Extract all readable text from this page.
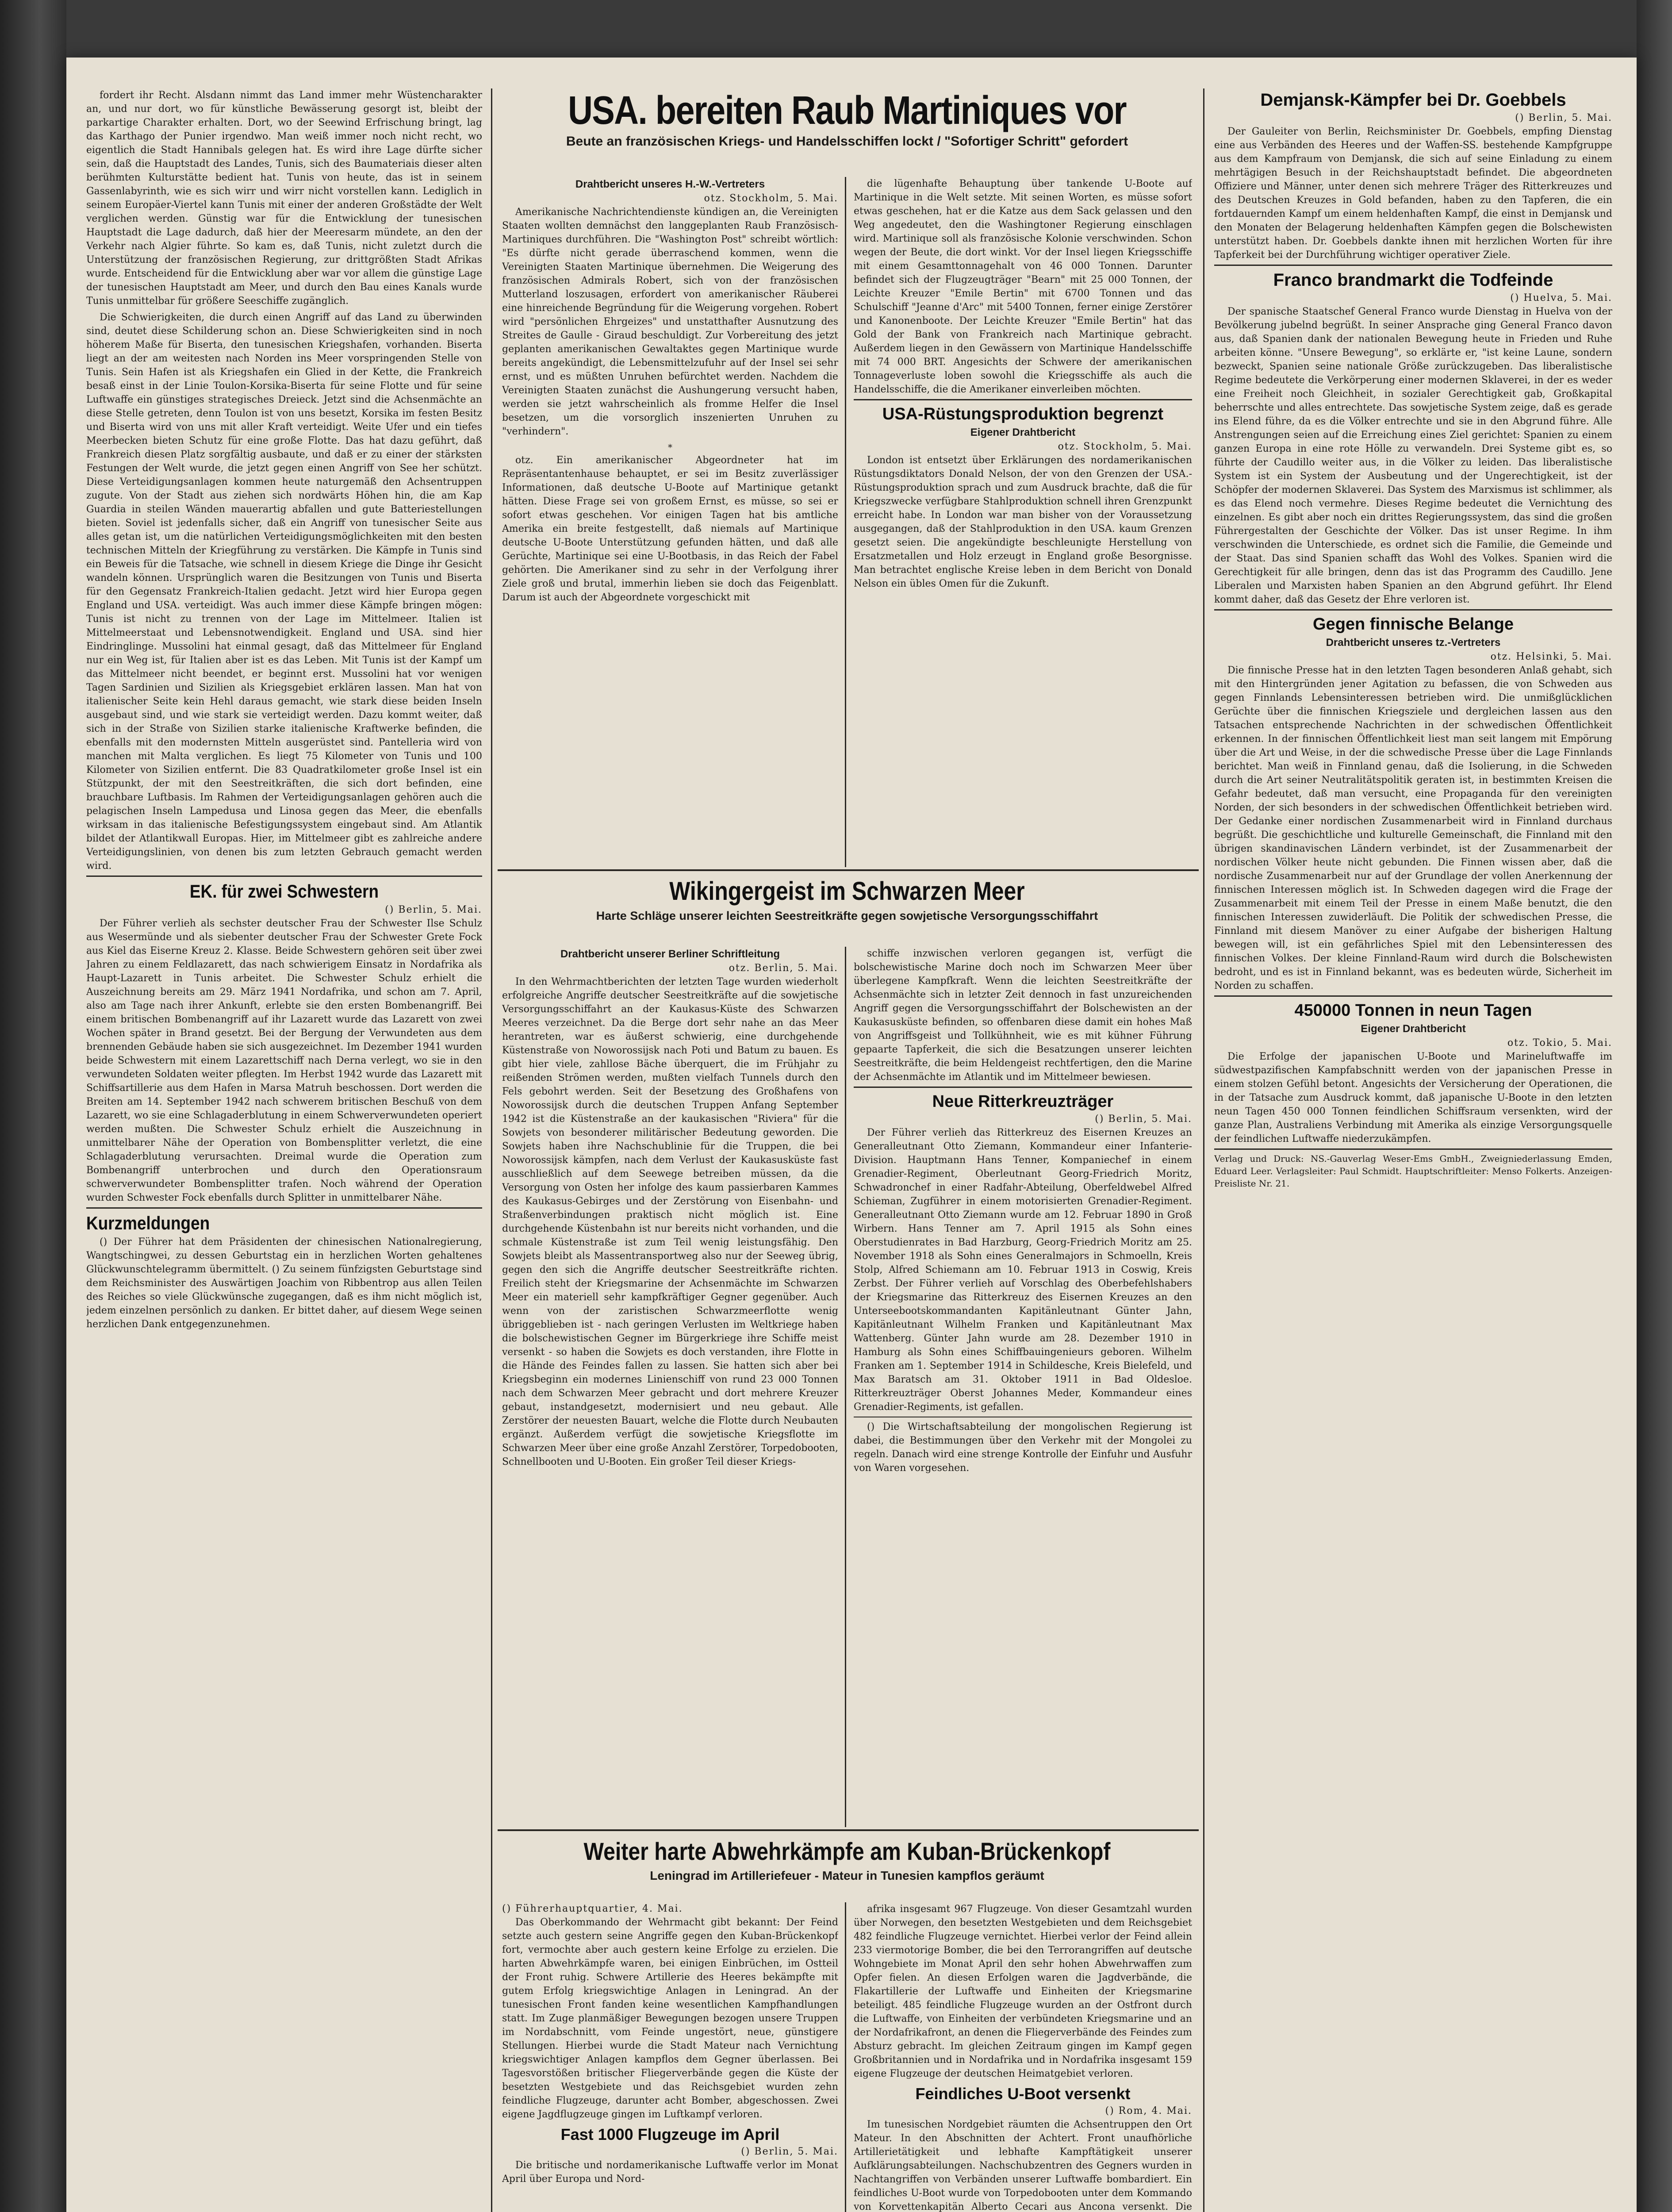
fordert ihr Recht. Alsdann nimmt das Land immer mehr Wüstencharakter an, und nur dort, wo für künstliche Bewässerung gesorgt ist, bleibt der parkartige Charakter erhalten. Dort, wo der Seewind Erfrischung bringt, lag das Karthago der Punier irgendwo. Man weiß immer noch nicht recht, wo eigentlich die Stadt Hannibals gelegen hat. Es wird ihre Lage dürfte sicher sein, daß die Hauptstadt des Landes, Tunis, sich des Baumateriais dieser alten berühmten Kulturstätte bedient hat. Tunis von heute, das ist in seinem Gassenlabyrinth, wie es sich wirr und wirr nicht vorstellen kann. Lediglich in seinem Europäer-Viertel kann Tunis mit einer der anderen Großstädte der Welt verglichen werden. Günstig war für die Entwicklung der tunesischen Hauptstadt die Lage dadurch, daß hier der Meeresarm mündete, an den der Verkehr nach Algier führte. So kam es, daß Tunis, nicht zuletzt durch die Unterstützung der französischen Regierung, zur drittgrößten Stadt Afrikas wurde. Entscheidend für die Entwicklung aber war vor allem die günstige Lage der tunesischen Hauptstadt am Meer, und durch den Bau eines Kanals wurde Tunis unmittelbar für größere Seeschiffe zugänglich.

Die Schwierigkeiten, die durch einen Angriff auf das Land zu überwinden sind, deutet diese Schilderung schon an. Diese Schwierigkeiten sind in noch höherem Maße für Biserta, den tunesischen Kriegshafen, vorhanden. Biserta liegt an der am weitesten nach Norden ins Meer vorspringenden Stelle von Tunis. Sein Hafen ist als Kriegshafen ein Glied in der Kette, die Frankreich besaß einst in der Linie Toulon-Korsika-Biserta für seine Flotte und für seine Luftwaffe ein günstiges strategisches Dreieck. Jetzt sind die Achsenmächte an diese Stelle getreten, denn Toulon ist von uns besetzt, Korsika im festen Besitz und Biserta wird von uns mit aller Kraft verteidigt. Weite Ufer und ein tiefes Meerbecken bieten Schutz für eine große Flotte. Das hat dazu geführt, daß Frankreich diesen Platz sorgfältig ausbaute, und daß er zu einer der stärksten Festungen der Welt wurde, die jetzt gegen einen Angriff von See her schützt. Diese Verteidigungsanlagen kommen heute naturgemäß den Achsentruppen zugute. Von der Stadt aus ziehen sich nordwärts Höhen hin, die am Kap Guardia in steilen Wänden mauerartig abfallen und gute Batteriestellungen bieten. Soviel ist jedenfalls sicher, daß ein Angriff von tunesischer Seite aus alles getan ist, um die natürlichen Verteidigungsmöglichkeiten mit den besten technischen Mitteln der Kriegführung zu verstärken. Die Kämpfe in Tunis sind ein Beweis für die Tatsache, wie schnell in diesem Kriege die Dinge ihr Gesicht wandeln können. Ursprünglich waren die Besitzungen von Tunis und Biserta für den Gegensatz Frankreich-Italien gedacht. Jetzt wird hier Europa gegen England und USA. verteidigt. Was auch immer diese Kämpfe bringen mögen: Tunis ist nicht zu trennen von der Lage im Mittelmeer. Italien ist Mittelmeerstaat und Lebensnotwendigkeit. England und USA. sind hier Eindringlinge. Mussolini hat einmal gesagt, daß das Mittelmeer für England nur ein Weg ist, für Italien aber ist es das Leben. Mit Tunis ist der Kampf um das Mittelmeer nicht beendet, er beginnt erst. Mussolini hat vor wenigen Tagen Sardinien und Sizilien als Kriegsgebiet erklären lassen. Man hat von italienischer Seite kein Hehl daraus gemacht, wie stark diese beiden Inseln ausgebaut sind, und wie stark sie verteidigt werden. Dazu kommt weiter, daß sich in der Straße von Sizilien starke italienische Kraftwerke befinden, die ebenfalls mit den modernsten Mitteln ausgerüstet sind. Pantelleria wird von manchen mit Malta verglichen. Es liegt 75 Kilometer von Tunis und 100 Kilometer von Sizilien entfernt. Die 83 Quadratkilometer große Insel ist ein Stützpunkt, der mit den Seestreitkräften, die sich dort befinden, eine brauchbare Luftbasis. Im Rahmen der Verteidigungsanlagen gehören auch die pelagischen Inseln Lampedusa und Linosa gegen das Meer, die ebenfalls wirksam in das italienische Befestigungssystem eingebaut sind. Am Atlantik bildet der Atlantikwall Europas. Hier, im Mittelmeer gibt es zahlreiche andere Verteidigungslinien, von denen bis zum letzten Gebrauch gemacht werden wird.

EK. für zwei Schwestern
() Berlin, 5. Mai.

Der Führer verlieh als sechster deutscher Frau der Schwester Ilse Schulz aus Wesermünde und als siebenter deutscher Frau der Schwester Grete Fock aus Kiel das Eiserne Kreuz 2. Klasse. Beide Schwestern gehören seit über zwei Jahren zu einem Feldlazarett, das nach schwierigem Einsatz in Nordafrika als Haupt-Lazarett in Tunis arbeitet. Die Schwester Schulz erhielt die Auszeichnung bereits am 29. März 1941 Nordafrika, und schon am 7. April, also am Tage nach ihrer Ankunft, erlebte sie den ersten Bombenangriff. Bei einem britischen Bombenangriff auf ihr Lazarett wurde das Lazarett von zwei Wochen später in Brand gesetzt. Bei der Bergung der Verwundeten aus dem brennenden Gebäude haben sie sich ausgezeichnet. Im Dezember 1941 wurden beide Schwestern mit einem Lazarettschiff nach Derna verlegt, wo sie in den verwundeten Soldaten weiter pflegten. Im Herbst 1942 wurde das Lazarett mit Schiffsartillerie aus dem Hafen in Marsa Matruh beschossen. Dort werden die Breiten am 14. September 1942 nach schwerem britischen Beschuß von dem Lazarett, wo sie eine Schlagaderblutung in einem Schwerverwundeten operiert werden mußten. Die Schwester Schulz erhielt die Auszeichnung in unmittelbarer Nähe der Operation von Bombensplitter verletzt, die eine Schlagaderblutung verursachten. Dreimal wurde die Operation zum Bombenangriff unterbrochen und durch den Operationsraum schwerverwundeter Bombensplitter trafen. Noch während der Operation wurden Schwester Fock ebenfalls durch Splitter in unmittelbarer Nähe.

Kurzmeldungen

() Der Führer hat dem Präsidenten der chinesischen Nationalregierung, Wangtschingwei, zu dessen Geburtstag ein in herzlichen Worten gehaltenes Glückwunschtelegramm übermittelt. () Zu seinem fünfzigsten Geburtstage sind dem Reichsminister des Auswärtigen Joachim von Ribbentrop aus allen Teilen des Reiches so viele Glückwünsche zugegangen, daß es ihm nicht möglich ist, jedem einzelnen persönlich zu danken. Er bittet daher, auf diesem Wege seinen herzlichen Dank entgegenzunehmen.

USA. bereiten Raub Martiniques vor
Beute an französischen Kriegs- und Handelsschiffen lockt / "Sofortiger Schritt" gefordert
Drahtbericht unseres H.-W.-Vertreters
otz. Stockholm, 5. Mai.

Amerikanische Nachrichtendienste kündigen an, die Vereinigten Staaten wollten demnächst den langgeplanten Raub Französisch-Martiniques durchführen. Die "Washington Post" schreibt wörtlich: "Es dürfte nicht gerade überraschend kommen, wenn die Vereinigten Staaten Martinique übernehmen. Die Weigerung des französischen Admirals Robert, sich von der französischen Mutterland loszusagen, erfordert von amerikanischer Räuberei eine hinreichende Begründung für die Weigerung vorgehen. Robert wird "persönlichen Ehrgeizes" und unstatthafter Ausnutzung des Streites de Gaulle - Giraud beschuldigt. Zur Vorbereitung des jetzt geplanten amerikanischen Gewaltaktes gegen Martinique wurde bereits angekündigt, die Lebensmittelzufuhr auf der Insel sei sehr ernst, und es müßten Unruhen befürchtet werden. Nachdem die Vereinigten Staaten zunächst die Aushungerung versucht haben, werden sie jetzt wahrscheinlich als fromme Helfer die Insel besetzen, um die vorsorglich inszenierten Unruhen zu "verhindern".

*

otz. Ein amerikanischer Abgeordneter hat im Repräsentantenhause behauptet, er sei im Besitz zuverlässiger Informationen, daß deutsche U-Boote auf Martinique getankt hätten. Diese Frage sei von großem Ernst, es müsse, so sei er sofort etwas geschehen. Vor einigen Tagen hat bis amtliche Amerika ein breite festgestellt, daß niemals auf Martinique deutsche U-Boote Unterstützung gefunden hätten, und daß alle Gerüchte, Martinique sei eine U-Bootbasis, in das Reich der Fabel gehörten. Die Amerikaner sind zu sehr in der Verfolgung ihrer Ziele groß und brutal, immerhin lieben sie doch das Feigenblatt. Darum ist auch der Abgeordnete vorgeschickt mit

die lügenhafte Behauptung über tankende U-Boote auf Martinique in die Welt setzte. Mit seinen Worten, es müsse sofort etwas geschehen, hat er die Katze aus dem Sack gelassen und den Weg angedeutet, den die Washingtoner Regierung einschlagen wird. Martinique soll als französische Kolonie verschwinden. Schon wegen der Beute, die dort winkt. Vor der Insel liegen Kriegsschiffe mit einem Gesamttonnagehalt von 46 000 Tonnen. Darunter befindet sich der Flugzeugträger "Bearn" mit 25 000 Tonnen, der Leichte Kreuzer "Emile Bertin" mit 6700 Tonnen und das Schulschiff "Jeanne d'Arc" mit 5400 Tonnen, ferner einige Zerstörer und Kanonenboote. Der Leichte Kreuzer "Emile Bertin" hat das Gold der Bank von Frankreich nach Martinique gebracht. Außerdem liegen in den Gewässern von Martinique Handelsschiffe mit 74 000 BRT. Angesichts der Schwere der amerikanischen Tonnageverluste loben sowohl die Kriegsschiffe als auch die Handelsschiffe, die die Amerikaner einverleiben möchten.

USA-Rüstungsproduktion begrenzt
Eigener Drahtbericht
otz. Stockholm, 5. Mai.

London ist entsetzt über Erklärungen des nordamerikanischen Rüstungsdiktators Donald Nelson, der von den Grenzen der USA.-Rüstungsproduktion sprach und zum Ausdruck brachte, daß die für Kriegszwecke verfügbare Stahlproduktion schnell ihren Grenzpunkt erreicht habe. In London war man bisher von der Voraussetzung ausgegangen, daß der Stahlproduktion in den USA. kaum Grenzen gesetzt seien. Die angekündigte beschleunigte Herstellung von Ersatzmetallen und Holz erzeugt in England große Besorgnisse. Man betrachtet englische Kreise leben in dem Bericht von Donald Nelson ein übles Omen für die Zukunft.

Wikingergeist im Schwarzen Meer
Harte Schläge unserer leichten Seestreitkräfte gegen sowjetische Versorgungsschiffahrt
Drahtbericht unserer Berliner Schriftleitung
otz. Berlin, 5. Mai.

In den Wehrmachtberichten der letzten Tage wurden wiederholt erfolgreiche Angriffe deutscher Seestreitkräfte auf die sowjetische Versorgungsschiffahrt an der Kaukasus-Küste des Schwarzen Meeres verzeichnet. Da die Berge dort sehr nahe an das Meer herantreten, war es äußerst schwierig, eine durchgehende Küstenstraße von Noworossijsk nach Poti und Batum zu bauen. Es gibt hier viele, zahllose Bäche überquert, die im Frühjahr zu reißenden Strömen werden, mußten vielfach Tunnels durch den Fels gebohrt werden. Seit der Besetzung des Großhafens von Noworossijsk durch die deutschen Truppen Anfang September 1942 ist die Küstenstraße an der kaukasischen "Riviera" für die Sowjets von besonderer militärischer Bedeutung geworden. Die Sowjets haben ihre Nachschublinie für die Truppen, die bei Noworossijsk kämpfen, nach dem Verlust der Kaukasusküste fast ausschließlich auf dem Seewege betreiben müssen, da die Versorgung von Osten her infolge des kaum passierbaren Kammes des Kaukasus-Gebirges und der Zerstörung von Eisenbahn- und Straßenverbindungen praktisch nicht möglich ist. Eine durchgehende Küstenbahn ist nur bereits nicht vorhanden, und die schmale Küstenstraße ist zum Teil wenig leistungsfähig. Den Sowjets bleibt als Massentransportweg also nur der Seeweg übrig, gegen den sich die Angriffe deutscher Seestreitkräfte richten. Freilich steht der Kriegsmarine der Achsenmächte im Schwarzen Meer ein materiell sehr kampfkräftiger Gegner gegenüber. Auch wenn von der zaristischen Schwarzmeerflotte wenig übriggeblieben ist - nach geringen Verlusten im Weltkriege haben die bolschewistischen Gegner im Bürgerkriege ihre Schiffe meist versenkt - so haben die Sowjets es doch verstanden, ihre Flotte in die Hände des Feindes fallen zu lassen. Sie hatten sich aber bei Kriegsbeginn ein modernes Linienschiff von rund 23 000 Tonnen nach dem Schwarzen Meer gebracht und dort mehrere Kreuzer gebaut, instandgesetzt, modernisiert und neu gebaut. Alle Zerstörer der neuesten Bauart, welche die Flotte durch Neubauten ergänzt. Außerdem verfügt die sowjetische Kriegsflotte im Schwarzen Meer über eine große Anzahl Zerstörer, Torpedobooten, Schnellbooten und U-Booten. Ein großer Teil dieser Kriegs-

schiffe inzwischen verloren gegangen ist, verfügt die bolschewistische Marine doch noch im Schwarzen Meer über überlegene Kampfkraft. Wenn die leichten Seestreitkräfte der Achsenmächte sich in letzter Zeit dennoch in fast unzureichenden Angriff gegen die Versorgungsschiffahrt der Bolschewisten an der Kaukasusküste befinden, so offenbaren diese damit ein hohes Maß von Angriffsgeist und Tollkühnheit, wie es mit kühner Führung gepaarte Tapferkeit, die sich die Besatzungen unserer leichten Seestreitkräfte, die beim Heldengeist rechtfertigen, den die Marine der Achsenmächte im Atlantik und im Mittelmeer bewiesen.

Neue Ritterkreuzträger
() Berlin, 5. Mai.

Der Führer verlieh das Ritterkreuz des Eisernen Kreuzes an Generalleutnant Otto Ziemann, Kommandeur einer Infanterie-Division. Hauptmann Hans Tenner, Kompaniechef in einem Grenadier-Regiment, Oberleutnant Georg-Friedrich Moritz, Schwadronchef in einer Radfahr-Abteilung, Oberfeldwebel Alfred Schieman, Zugführer in einem motorisierten Grenadier-Regiment. Generalleutnant Otto Ziemann wurde am 12. Februar 1890 in Groß Wirbern. Hans Tenner am 7. April 1915 als Sohn eines Oberstudienrates in Bad Harzburg, Georg-Friedrich Moritz am 25. November 1918 als Sohn eines Generalmajors in Schmoelln, Kreis Stolp, Alfred Schiemann am 10. Februar 1913 in Coswig, Kreis Zerbst. Der Führer verlieh auf Vorschlag des Oberbefehlshabers der Kriegsmarine das Ritterkreuz des Eisernen Kreuzes an den Unterseebootskommandanten Kapitänleutnant Günter Jahn, Kapitänleutnant Wilhelm Franken und Kapitänleutnant Max Wattenberg. Günter Jahn wurde am 28. Dezember 1910 in Hamburg als Sohn eines Schiffbauingenieurs geboren. Wilhelm Franken am 1. September 1914 in Schildesche, Kreis Bielefeld, und Max Baratsch am 31. Oktober 1911 in Bad Oldesloe. Ritterkreuzträger Oberst Johannes Meder, Kommandeur eines Grenadier-Regiments, ist gefallen.

() Die Wirtschaftsabteilung der mongolischen Regierung ist dabei, die Bestimmungen über den Verkehr mit der Mongolei zu regeln. Danach wird eine strenge Kontrolle der Einfuhr und Ausfuhr von Waren vorgesehen.

Weiter harte Abwehrkämpfe am Kuban-Brückenkopf
Leningrad im Artilleriefeuer - Mateur in Tunesien kampflos geräumt
() Führerhauptquartier, 4. Mai.

Das Oberkommando der Wehrmacht gibt bekannt: Der Feind setzte auch gestern seine Angriffe gegen den Kuban-Brückenkopf fort, vermochte aber auch gestern keine Erfolge zu erzielen. Die harten Abwehrkämpfe waren, bei einigen Einbrüchen, im Ostteil der Front ruhig. Schwere Artillerie des Heeres bekämpfte mit gutem Erfolg kriegswichtige Anlagen in Leningrad. An der tunesischen Front fanden keine wesentlichen Kampfhandlungen statt. Im Zuge planmäßiger Bewegungen bezogen unsere Truppen im Nordabschnitt, vom Feinde ungestört, neue, günstigere Stellungen. Hierbei wurde die Stadt Mateur nach Vernichtung kriegswichtiger Anlagen kampflos dem Gegner überlassen. Bei Tagesvorstößen britischer Fliegerverbände gegen die Küste der besetzten Westgebiete und das Reichsgebiet wurden zehn feindliche Flugzeuge, darunter acht Bomber, abgeschossen. Zwei eigene Jagdflugzeuge gingen im Luftkampf verloren.

Fast 1000 Flugzeuge im April
() Berlin, 5. Mai.

Die britische und nordamerikanische Luftwaffe verlor im Monat April über Europa und Nord-

afrika insgesamt 967 Flugzeuge. Von dieser Gesamtzahl wurden über Norwegen, den besetzten Westgebieten und dem Reichsgebiet 482 feindliche Flugzeuge vernichtet. Hierbei verlor der Feind allein 233 viermotorige Bomber, die bei den Terrorangriffen auf deutsche Wohngebiete im Monat April den sehr hohen Abwehrwaffen zum Opfer fielen. An diesen Erfolgen waren die Jagdverbände, die Flakartillerie der Luftwaffe und Einheiten der Kriegsmarine beteiligt. 485 feindliche Flugzeuge wurden an der Ostfront durch die Luftwaffe, von Einheiten der verbündeten Kriegsmarine und an der Nordafrikafront, an denen die Fliegerverbände des Feindes zum Absturz gebracht. Im gleichen Zeitraum gingen im Kampf gegen Großbritannien und in Nordafrika und in Nordafrika insgesamt 159 eigene Flugzeuge der deutschen Heimatgebiet verloren.

Feindliches U-Boot versenkt
() Rom, 4. Mai.

Im tunesischen Nordgebiet räumten die Achsentruppen den Ort Mateur. In den Abschnitten der Achtert. Front unaufhörliche Artillerietätigkeit und lebhafte Kampftätigkeit unserer Aufklärungsabteilungen. Nachschubzentren des Gegners wurden in Nachtangriffen von Verbänden unserer Luftwaffe bombardiert. Ein feindliches U-Boot wurde von Torpedobooten unter dem Kommando von Korvettenkapitän Alberto Cecari aus Ancona versenkt. Die

Demjansk-Kämpfer bei Dr. Goebbels
() Berlin, 5. Mai.

Der Gauleiter von Berlin, Reichsminister Dr. Goebbels, empfing Dienstag eine aus Verbänden des Heeres und der Waffen-SS. bestehende Kampfgruppe aus dem Kampfraum von Demjansk, die sich auf seine Einladung zu einem mehrtägigen Besuch in der Reichshauptstadt befindet. Die abgeordneten Offiziere und Männer, unter denen sich mehrere Träger des Ritterkreuzes und des Deutschen Kreuzes in Gold befanden, haben zu den Tapferen, die ein fortdauernden Kampf um einem heldenhaften Kampf, die einst in Demjansk und den Monaten der Belagerung heldenhaften Kämpfen gegen die Bolschewisten unterstützt haben. Dr. Goebbels dankte ihnen mit herzlichen Worten für ihre Tapferkeit bei der Durchführung wichtiger operativer Ziele.

Franco brandmarkt die Todfeinde
() Huelva, 5. Mai.

Der spanische Staatschef General Franco wurde Dienstag in Huelva von der Bevölkerung jubelnd begrüßt. In seiner Ansprache ging General Franco davon aus, daß Spanien dank der nationalen Bewegung heute in Frieden und Ruhe arbeiten könne. "Unsere Bewegung", so erklärte er, "ist keine Laune, sondern bezweckt, Spanien seine nationale Größe zurückzugeben. Das liberalistische Regime bedeutete die Verkörperung einer modernen Sklaverei, in der es weder eine Freiheit noch Gleichheit, in sozialer Gerechtigkeit gab, Großkapital beherrschte und alles entrechtete. Das sowjetische System zeige, daß es gerade ins Elend führe, da es die Völker entrechte und sie in den Abgrund führe. Alle Anstrengungen seien auf die Erreichung eines Ziel gerichtet: Spanien zu einem ganzen Europa in eine rote Hölle zu verwandeln. Drei Systeme gibt es, so führte der Caudillo weiter aus, in die Völker zu leiden. Das liberalistische System ist ein System der Ausbeutung und der Ungerechtigkeit, ist der Schöpfer der modernen Sklaverei. Das System des Marxismus ist schlimmer, als es das Elend noch vermehre. Dieses Regime bedeutet die Vernichtung des einzelnen. Es gibt aber noch ein drittes Regierungssystem, das sind die großen Führergestalten der Geschichte der Völker. Das ist unser Regime. In ihm verschwinden die Unterschiede, es ordnet sich die Familie, die Gemeinde und der Staat. Das sind Spanien schafft das Wohl des Volkes. Spanien wird die Gerechtigkeit für alle bringen, denn das ist das Programm des Caudillo. Jene Liberalen und Marxisten haben Spanien an den Abgrund geführt. Ihr Elend kommt daher, daß das Gesetz der Ehre verloren ist.

Gegen finnische Belange
Drahtbericht unseres tz.-Vertreters
otz. Helsinki, 5. Mai.

Die finnische Presse hat in den letzten Tagen besonderen Anlaß gehabt, sich mit den Hintergründen jener Agitation zu befassen, die von Schweden aus gegen Finnlands Lebensinteressen betrieben wird. Die unmißglücklichen Gerüchte über die finnischen Kriegsziele und dergleichen lassen aus den Tatsachen entsprechende Nachrichten in der schwedischen Öffentlichkeit erkennen. In der finnischen Öffentlichkeit liest man seit langem mit Empörung über die Art und Weise, in der die schwedische Presse über die Lage Finnlands berichtet. Man weiß in Finnland genau, daß die Isolierung, in die Schweden durch die Art seiner Neutralitätspolitik geraten ist, in bestimmten Kreisen die Gefahr bedeutet, daß man versucht, eine Propaganda für den vereinigten Norden, der sich besonders in der schwedischen Öffentlichkeit betrieben wird. Der Gedanke einer nordischen Zusammenarbeit wird in Finnland durchaus begrüßt. Die geschichtliche und kulturelle Gemeinschaft, die Finnland mit den übrigen skandinavischen Ländern verbindet, ist der Zusammenarbeit der nordischen Völker heute nicht gebunden. Die Finnen wissen aber, daß die nordische Zusammenarbeit nur auf der Grundlage der vollen Anerkennung der finnischen Interessen möglich ist. In Schweden dagegen wird die Frage der Zusammenarbeit mit einem Teil der Presse in einem Maße benutzt, die den finnischen Interessen zuwiderläuft. Die Politik der schwedischen Presse, die Finnland mit diesem Manöver zu einer Aufgabe der bisherigen Haltung bewegen will, ist ein gefährliches Spiel mit den Lebensinteressen des finnischen Volkes. Der kleine Finnland-Raum wird durch die Bolschewisten bedroht, und es ist in Finnland bekannt, was es bedeuten würde, Sicherheit im Norden zu schaffen.

450000 Tonnen in neun Tagen
Eigener Drahtbericht
otz. Tokio, 5. Mai.

Die Erfolge der japanischen U-Boote und Marineluftwaffe im südwestpazifischen Kampfabschnitt werden von der japanischen Presse in einem stolzen Gefühl betont. Angesichts der Versicherung der Operationen, die in der Tatsache zum Ausdruck kommt, daß japanische U-Boote in den letzten neun Tagen 450 000 Tonnen feindlichen Schiffsraum versenkten, wird der ganze Plan, Australiens Verbindung mit Amerika als einzige Versorgungsquelle der feindlichen Luftwaffe niederzukämpfen.

Verlag und Druck: NS.-Gauverlag Weser-Ems GmbH., Zweigniederlassung Emden, Eduard Leer. Verlagsleiter: Paul Schmidt. Hauptschriftleiter: Menso Folkerts. Anzeigen-Preisliste Nr. 21.
